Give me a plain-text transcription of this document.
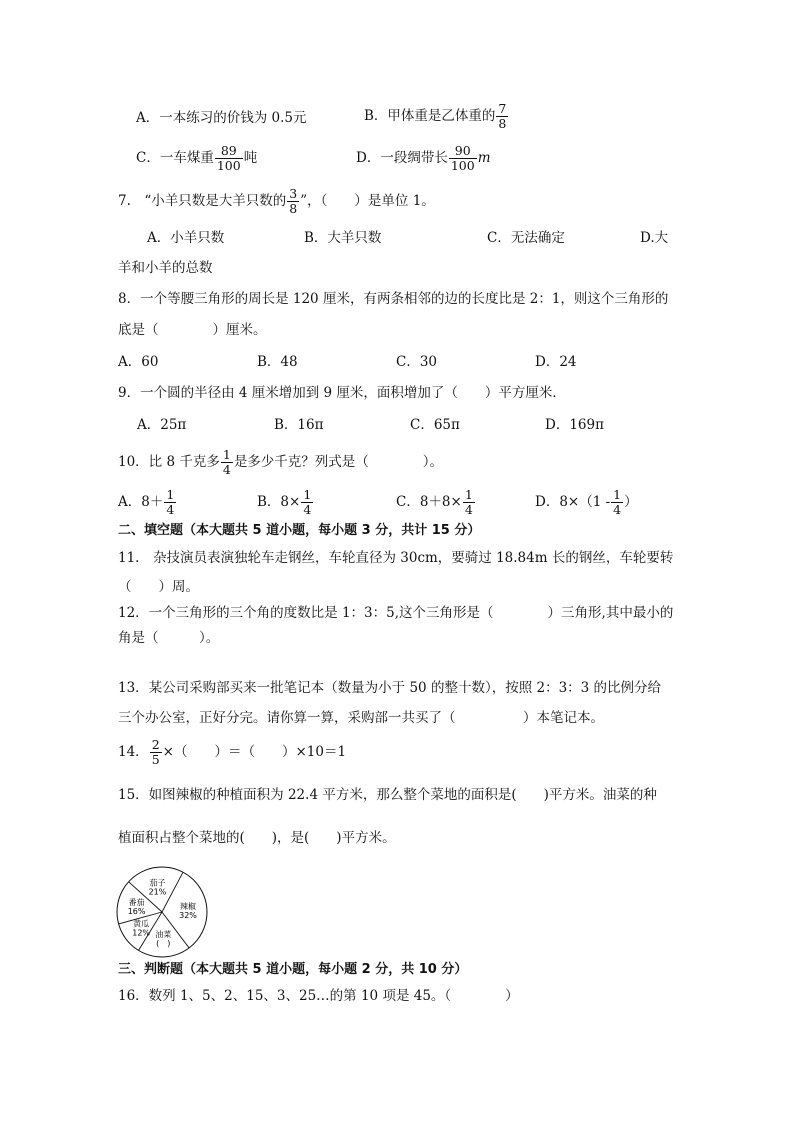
A．一本练习的价钱为 0.5元	B．甲体重是乙体重的 $\frac{7}{8}$
C．一车煤重 $\frac{89}{100}$ 吨	D．一段绸带长 $\frac{90}{100}$ m
7.　“小羊只数是大羊只数的 $\frac{3}{8}$ ”，（　　）是单位 1。
A．小羊只数	B．大羊只数	C．无法确定	D.大
羊和小羊的总数
8．一个等腰三角形的周长是 120 厘米，有两条相邻的边的长度比是 2：1，则这个三角形的
底是（　　　　）厘米。
A．60	B．48	C．30	D．24
9．一个圆的半径由 4 厘米增加到 9 厘米，面积增加了（　　）平方厘米．
A．25π	B．16π	C．65π	D．169π
10．比 8 千克多 $\frac{1}{4}$ 是多少千克？列式是（　　　　）。
A．$8+ \frac{1}{4}$	B．$8\times \frac{1}{4}$	C．$8+8\times \frac{1}{4}$	D．$8\times(1 - \frac{1}{4}$ ）
二、填空题（本大题共 5 道小题，每小题 3 分，共计 15 分）
11.　杂技演员表演独轮车走钢丝，车轮直径为 30cm，要骑过 18.84m 长的钢丝，车轮要转
（　　）周。
12．一个三角形的三个角的度数比是 1：3：5,这个三角形是（　　　　）三角形,其中最小的
角是（　　　）。
13．某公司采购部买来一批笔记本（数量为小于 50 的整十数），按照 2：3：3 的比例分给
三个办公室，正好分完。请你算一算，采购部一共买了（　　　　　）本笔记本。
14． $\frac{2}{5}$ ×（　　）＝（　　）×10＝1
15．如图辣椒的种植面积为 22.4 平方米，那么整个菜地的面积是(　　)平方米。油菜的种
植面积占整个菜地的(　　)，是(　　)平方米。
茄子
21%
辣椒
32%
油菜
(　)
黄瓜
12%
番茄
16%
三、判断题（本大题共 5 道小题，每小题 2 分，共 10 分）
16．数列 1、5、2、15、3、25…的第 10 项是 45。（　　　　）
